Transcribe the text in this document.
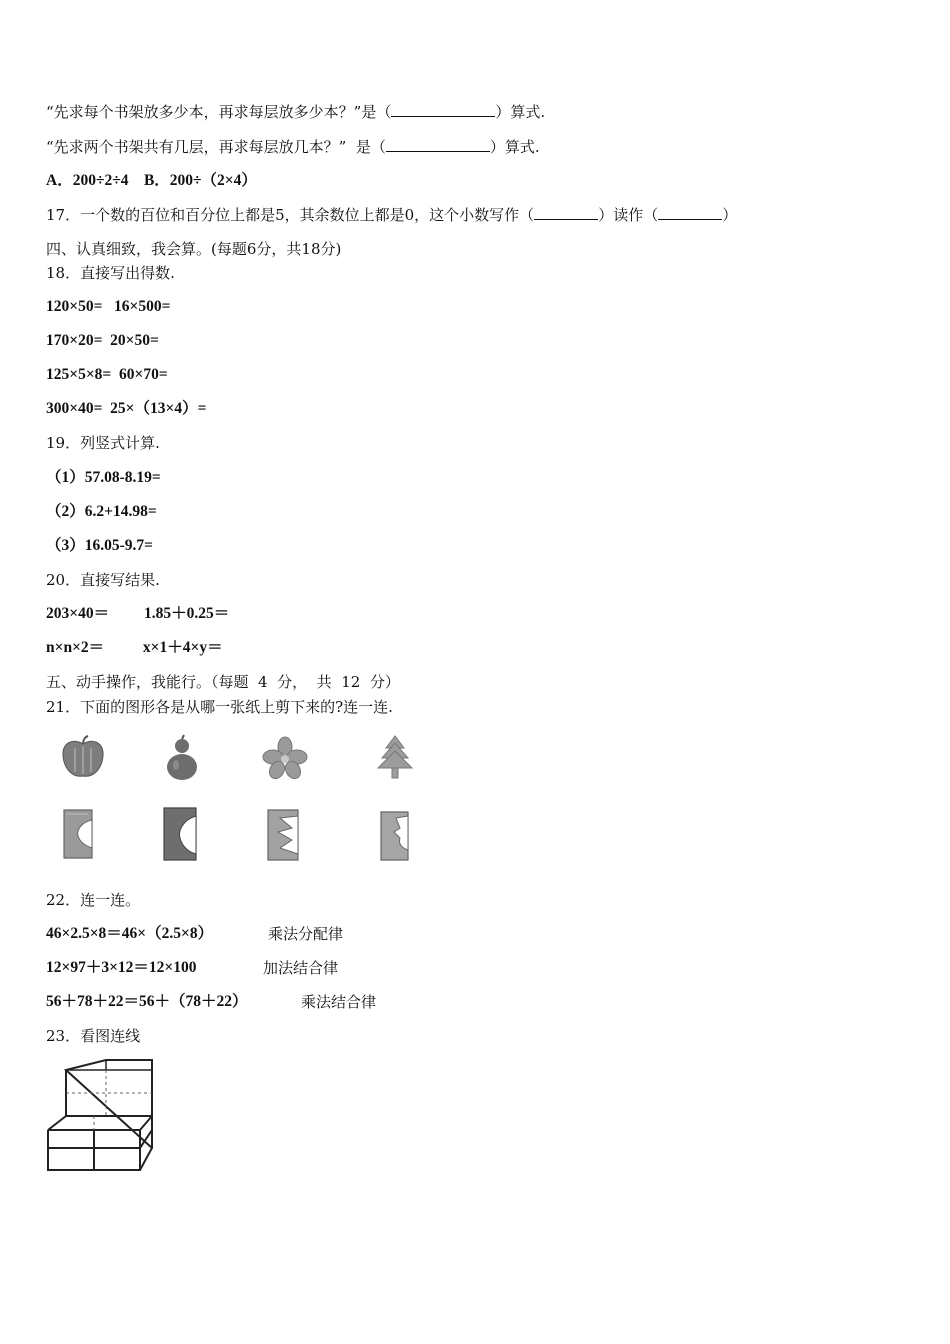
“先求每个书架放多少本，再求每层放多少本？”是（	）算式.
“先求两个书架共有几层，再求每层放几本？”  是（	）算式.
A．200÷2÷4    B．200÷（2×4）
17．一个数的百位和百分位上都是5，其余数位上都是0，这个小数写作（	）读作（	）
四、认真细致，我会算。(每题6分，共18分)
18．直接写出得数.
120×50=   16×500=
170×20=  20×50=
125×5×8=  60×70=
300×40=  25×（13×4）=
19．列竖式计算.
（1）57.08-8.19=
（2）6.2+14.98=
（3）16.05-9.7=
20．直接写结果.
203×40＝         1.85＋0.25＝
n×n×2＝          x×1＋4×y＝
五、动手操作，我能行。（每题  4  分，  共  12  分）
21．下面的图形各是从哪一张纸上剪下来的?连一连.
22．连一连。
46×2.5×8＝46×（2.5×8）	乘法分配律
12×97＋3×12＝12×100	加法结合律
56＋78＋22＝56＋（78＋22）	乘法结合律
23．看图连线
